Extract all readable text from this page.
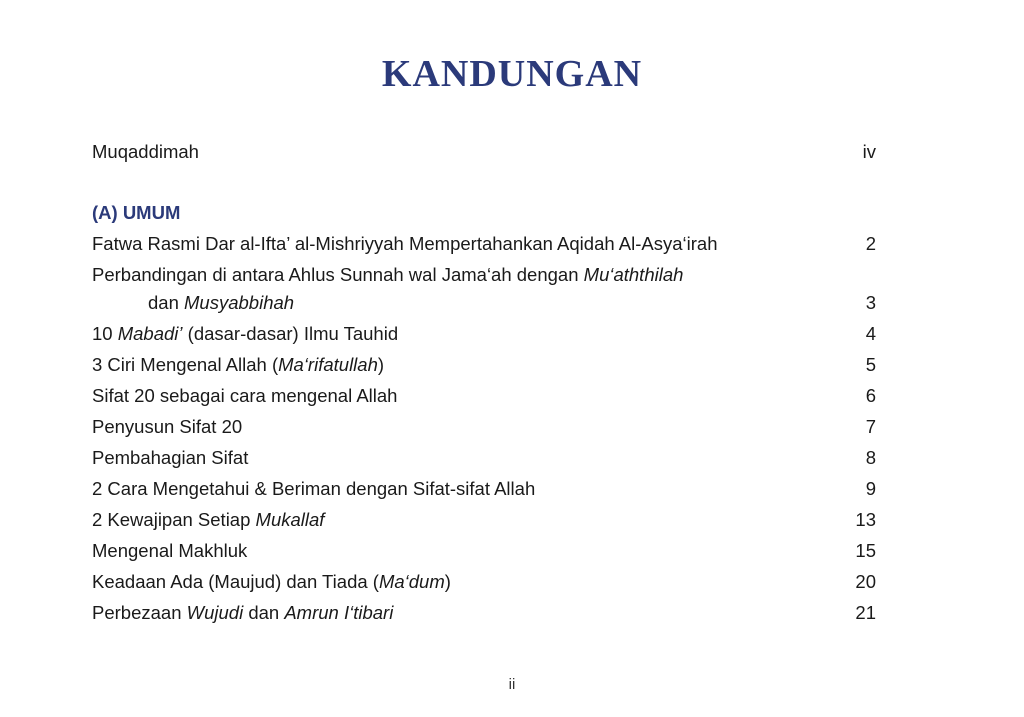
KANDUNGAN
Muqaddimah	iv
(A) UMUM
Fatwa Rasmi Dar al-Ifta’ al-Mishriyyah Mempertahankan Aqidah Al-Asya‘irah	2
Perbandingan di antara Ahlus Sunnah wal Jama‘ah dengan Mu‘aththilah
dan Musyabbihah	3
10 Mabadi’ (dasar-dasar) Ilmu Tauhid	4
3 Ciri Mengenal Allah (Ma‘rifatullah)	5
Sifat 20 sebagai cara mengenal Allah	6
Penyusun Sifat 20	7
Pembahagian Sifat	8
2 Cara Mengetahui & Beriman dengan Sifat-sifat Allah	9
2 Kewajipan Setiap Mukallaf	13
Mengenal Makhluk	15
Keadaan Ada (Maujud) dan Tiada (Ma‘dum)	20
Perbezaan Wujudi dan Amrun I‘tibari	21
ii
